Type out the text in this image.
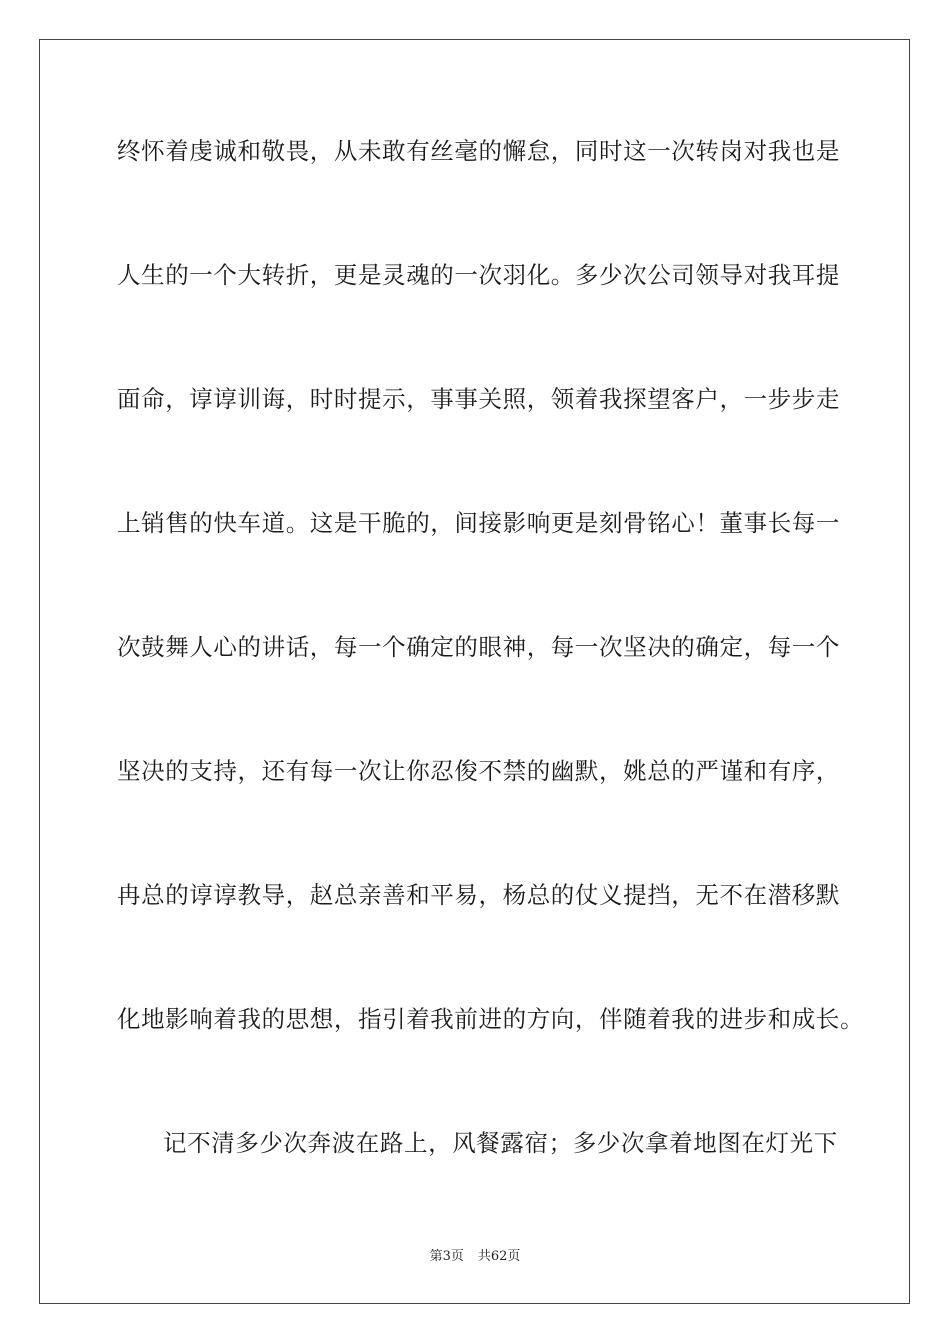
终怀着虔诚和敬畏，从未敢有丝毫的懈怠，同时这一次转岗对我也是
人生的一个大转折，更是灵魂的一次羽化。多少次公司领导对我耳提
面命，谆谆训诲，时时提示，事事关照，领着我探望客户，一步步走
上销售的快车道。这是干脆的，间接影响更是刻骨铭心！董事长每一
次鼓舞人心的讲话，每一个确定的眼神，每一次坚决的确定，每一个
坚决的支持，还有每一次让你忍俊不禁的幽默，姚总的严谨和有序，
冉总的谆谆教导，赵总亲善和平易，杨总的仗义提挡，无不在潜移默
化地影响着我的思想，指引着我前进的方向，伴随着我的进步和成长。
记不清多少次奔波在路上，风餐露宿；多少次拿着地图在灯光下
第3页 共62页
